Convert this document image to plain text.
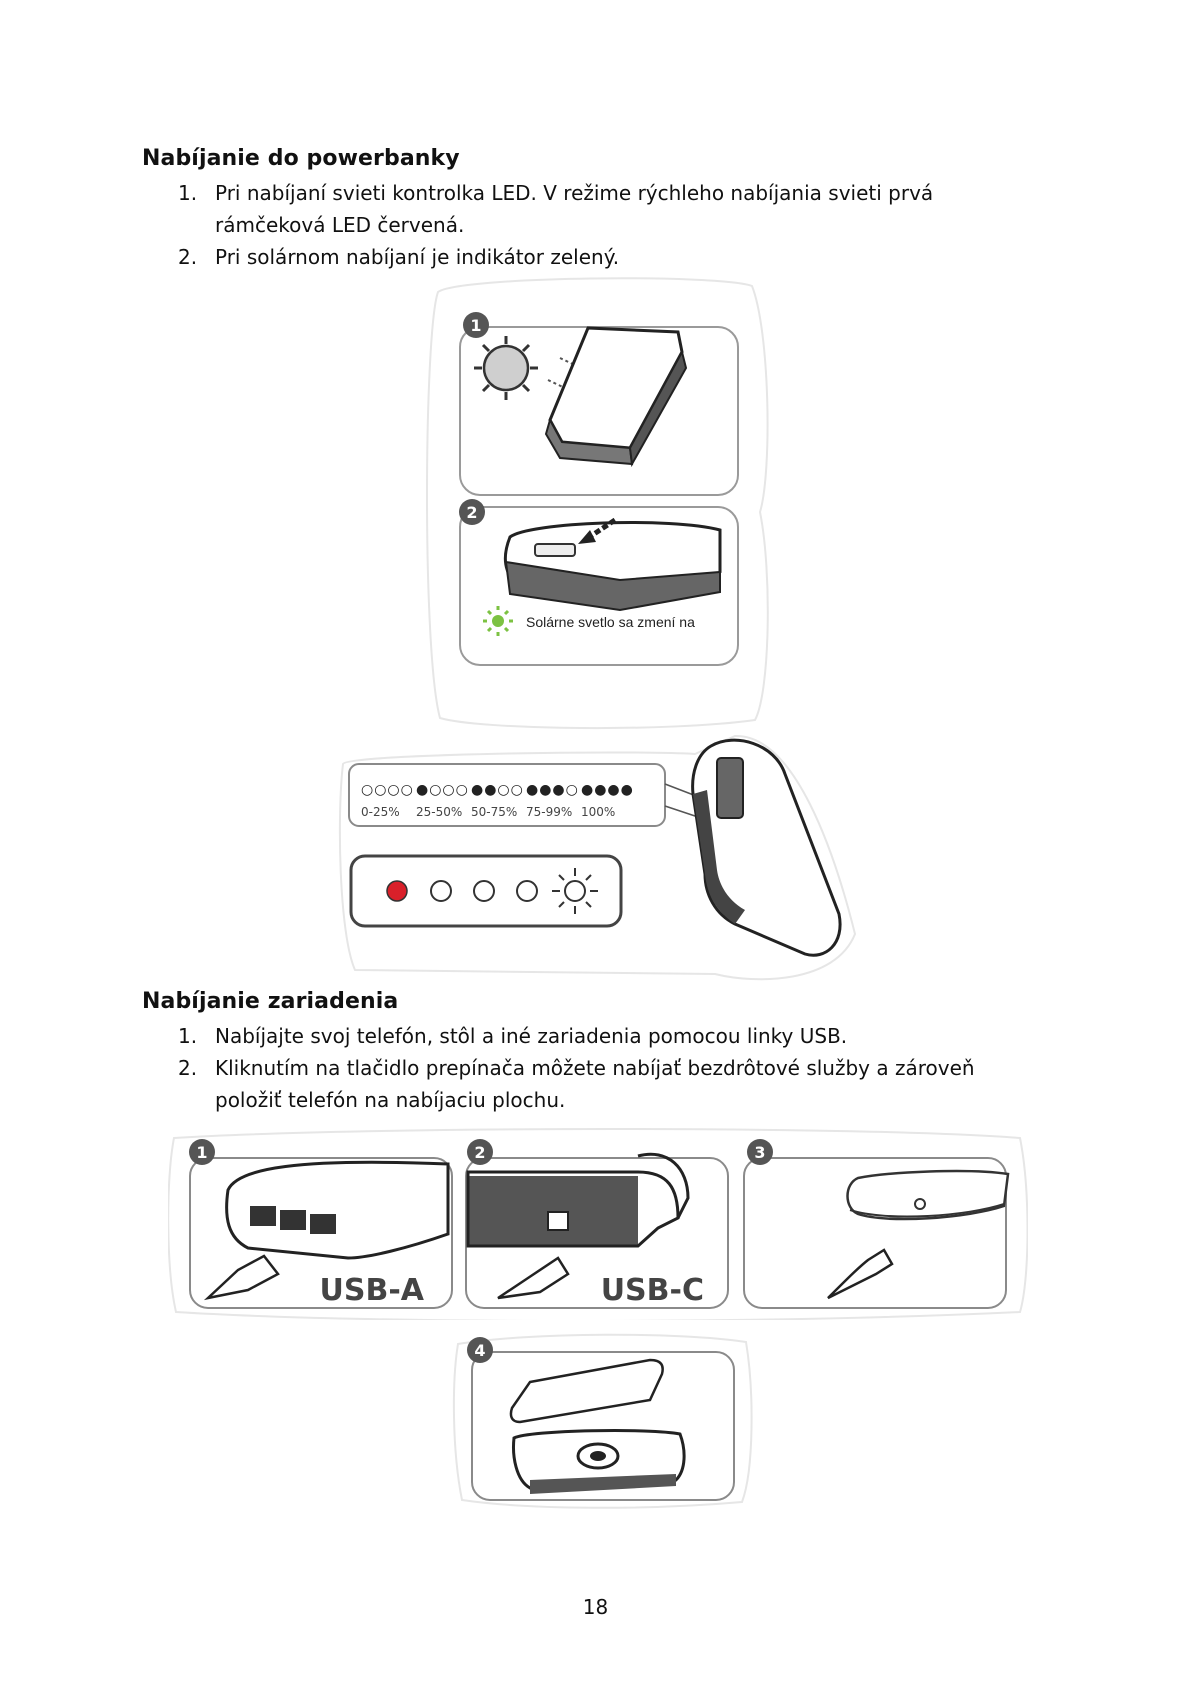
Nabíjanie do powerbanky
1. Pri nabíjaní svieti kontrolka LED. V režime rýchleho nabíjania svieti prvá rámčeková LED červená.
2. Pri solárnom nabíjaní je indikátor zelený.
1
2
Solárne svetlo sa zmení na
○○○○
0-25%
●○○○
25-50%
●●○○
50-75%
●●●○
75-99%
●●●●
100%
Nabíjanie zariadenia
1. Nabíjajte svoj telefón, stôl a iné zariadenia pomocou linky USB.
2. Kliknutím na tlačidlo prepínača môžete nabíjať bezdrôtové služby a zároveň položiť telefón na nabíjaciu plochu.
1
USB-A
2
USB-C
3
4
18
